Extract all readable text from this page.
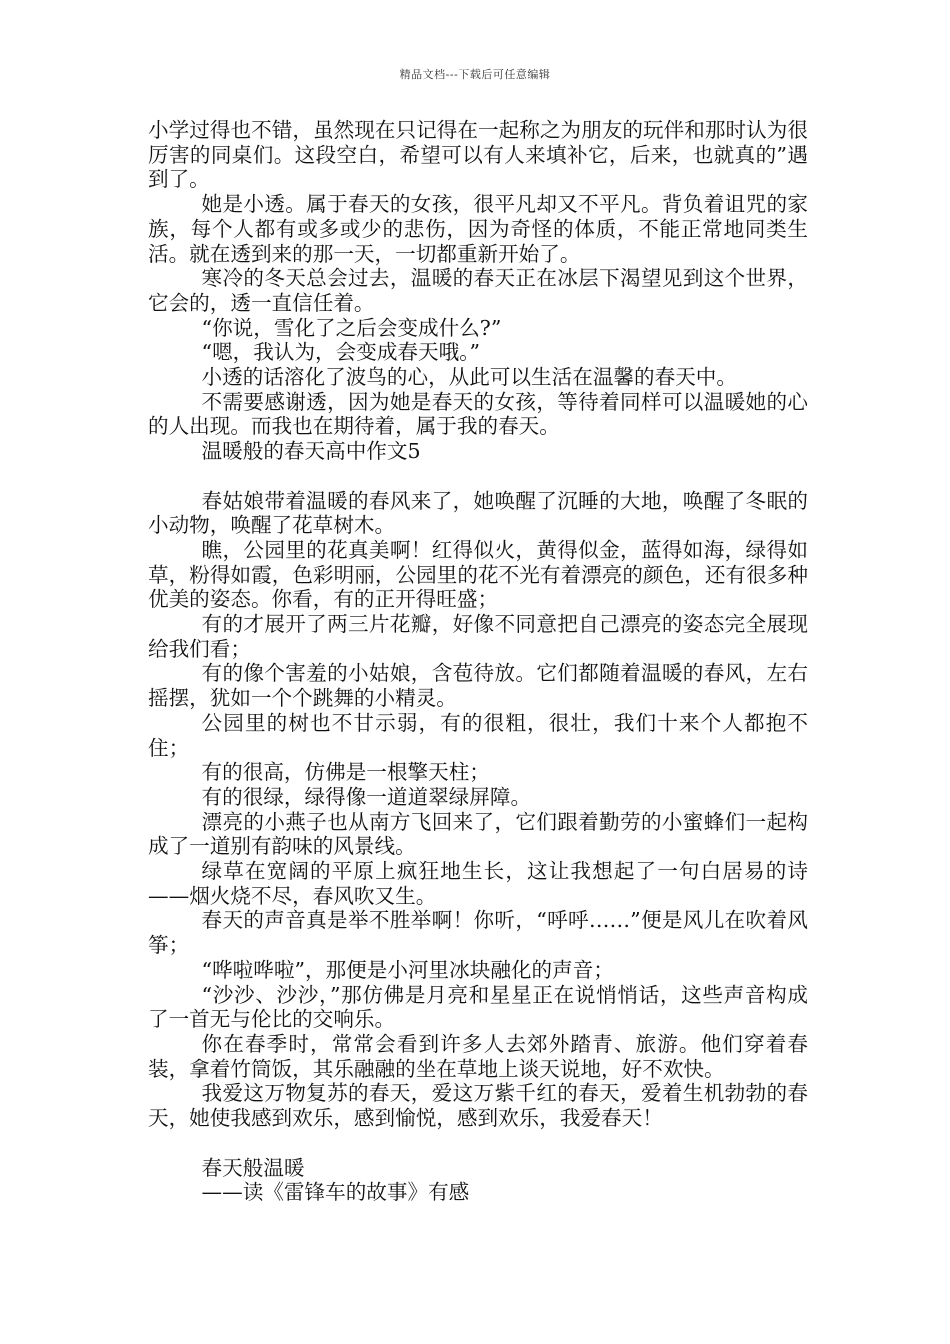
精品文档---下载后可任意编辑

小学过得也不错，虽然现在只记得在一起称之为朋友的玩伴和那时认为很厉害的同桌们。这段空白，希望可以有人来填补它，后来，也就真的”遇到了。

她是小透。属于春天的女孩，很平凡却又不平凡。背负着诅咒的家族，每个人都有或多或少的悲伤，因为奇怪的体质，不能正常地同类生活。就在透到来的那一天，一切都重新开始了。

寒冷的冬天总会过去，温暖的春天正在冰层下渴望见到这个世界，它会的，透一直信任着。

“你说，雪化了之后会变成什么?”

“嗯，我认为，会变成春天哦。”

小透的话溶化了波鸟的心，从此可以生活在温馨的春天中。

不需要感谢透，因为她是春天的女孩，等待着同样可以温暖她的心的人出现。而我也在期待着，属于我的春天。

温暖般的春天高中作文5

春姑娘带着温暖的春风来了，她唤醒了沉睡的大地，唤醒了冬眠的小动物，唤醒了花草树木。

瞧，公园里的花真美啊！红得似火，黄得似金，蓝得如海，绿得如草，粉得如霞，色彩明丽，公园里的花不光有着漂亮的颜色，还有很多种优美的姿态。你看，有的正开得旺盛；

有的才展开了两三片花瓣，好像不同意把自己漂亮的姿态完全展现给我们看；

有的像个害羞的小姑娘，含苞待放。它们都随着温暖的春风，左右摇摆，犹如一个个跳舞的小精灵。

公园里的树也不甘示弱，有的很粗，很壮，我们十来个人都抱不住；

有的很高，仿佛是一根擎天柱；

有的很绿，绿得像一道道翠绿屏障。

漂亮的小燕子也从南方飞回来了，它们跟着勤劳的小蜜蜂们一起构成了一道别有韵味的风景线。

绿草在宽阔的平原上疯狂地生长，这让我想起了一句白居易的诗——烟火烧不尽，春风吹又生。

春天的声音真是举不胜举啊！你听，“呼呼……”便是风儿在吹着风筝；

“哗啦哗啦”，那便是小河里冰块融化的声音；

“沙沙、沙沙，”那仿佛是月亮和星星正在说悄悄话，这些声音构成了一首无与伦比的交响乐。

你在春季时，常常会看到许多人去郊外踏青、旅游。他们穿着春装，拿着竹筒饭，其乐融融的坐在草地上谈天说地，好不欢快。

我爱这万物复苏的春天，爱这万紫千红的春天，爱着生机勃勃的春天，她使我感到欢乐，感到愉悦，感到欢乐，我爱春天！

春天般温暖

——读《雷锋车的故事》有感
